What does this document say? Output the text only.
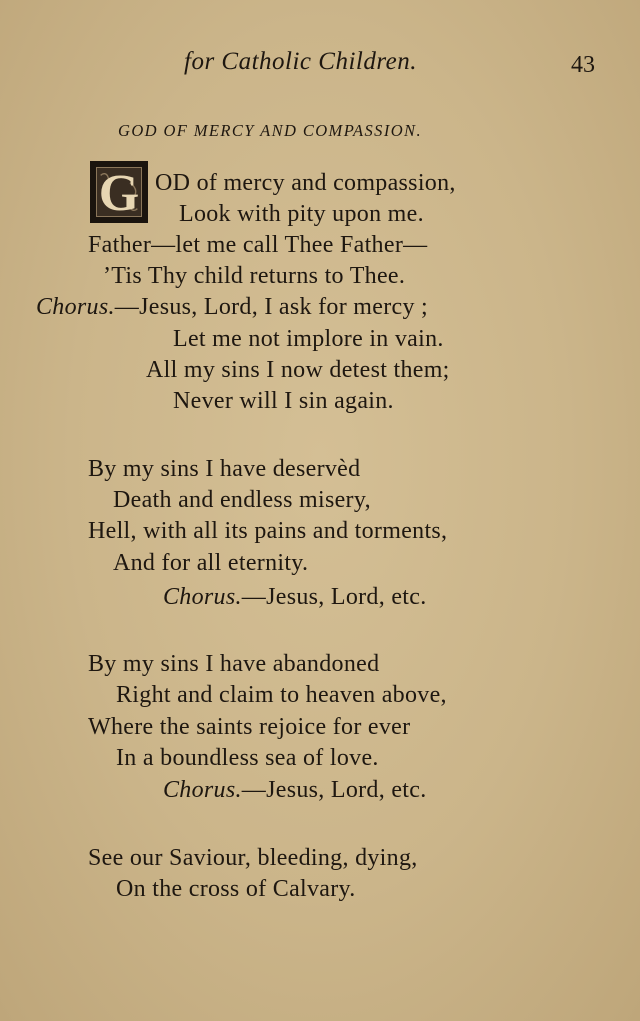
for Catholic Children.	43
GOD OF MERCY AND COMPASSION.
G OD of mercy and compassion,
Look with pity upon me.
Father—let me call Thee Father—
’Tis Thy child returns to Thee.
Chorus.—Jesus, Lord, I ask for mercy ;
Let me not implore in vain.
All my sins I now detest them;
Never will I sin again.
By my sins I have deservèd
Death and endless misery,
Hell, with all its pains and torments,
And for all eternity.
Chorus.—Jesus, Lord, etc.
By my sins I have abandoned
Right and claim to heaven above,
Where the saints rejoice for ever
In a boundless sea of love.
Chorus.—Jesus, Lord, etc.
See our Saviour, bleeding, dying,
On the cross of Calvary.
